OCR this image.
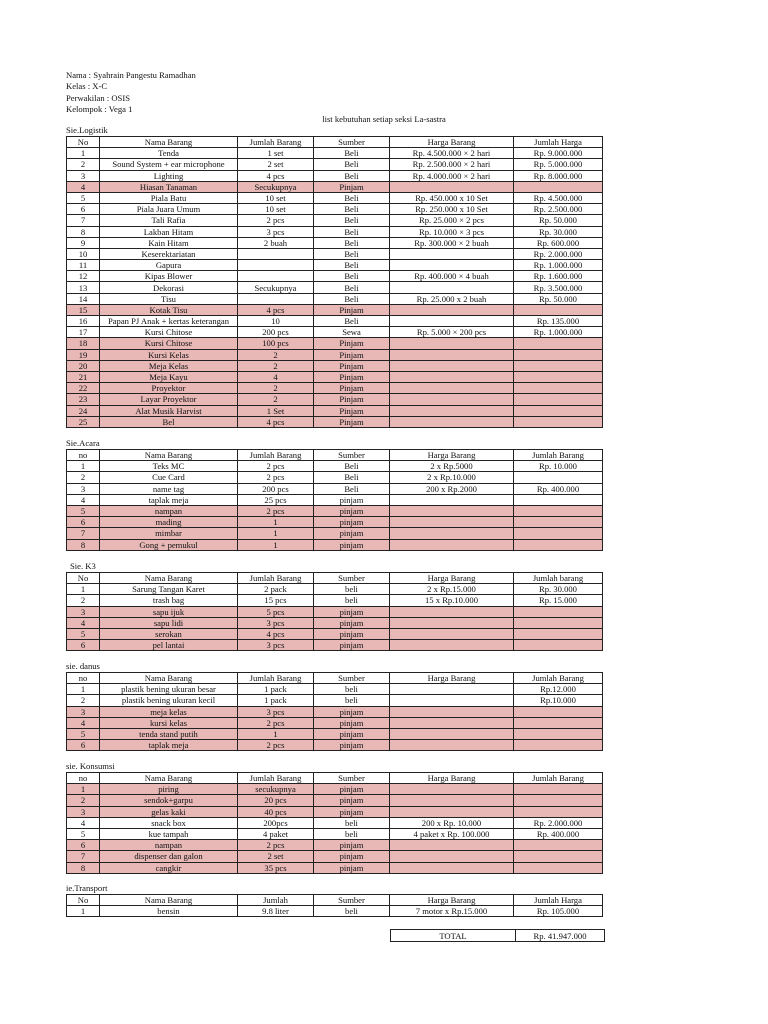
Nama : Syahrain Pangestu Ramadhan
Kelas : X-C
Perwakilan : OSIS
Kelompok : Vega 1
list kebutuhan setiap seksi La-sastra
Sie.Logistik
No	Nama Barang	Jumlah Barang	Sumber	Harga Barang	Jumlah Harga
1	Tenda	1 set	Beli	Rp. 4.500.000 × 2 hari	Rp. 9.000.000
2	Sound System + ear microphone	2 set	Beli	Rp. 2.500.000 × 2 hari	Rp. 5.000.000
3	Lighting	4 pcs	Beli	Rp. 4.000.000 × 2 hari	Rp. 8.000.000
4	Hiasan Tanaman	Secukupnya	Pinjam		
5	Piala Batu	10 set	Beli	Rp. 450.000 x 10 Set	Rp. 4.500.000
6	Piala Juara Umum	10 set	Beli	Rp. 250.000 x 10 Set	Rp. 2.500.000
7	Tali Rafia	2 pcs	Beli	Rp. 25.000 × 2 pcs	Rp. 50.000
8	Lakban Hitam	3 pcs	Beli	Rp. 10.000 × 3 pcs	Rp. 30.000
9	Kain Hitam	2 buah	Beli	Rp. 300.000 × 2 buah	Rp. 600.000
10	Keserektariatan		Beli		Rp. 2.000.000
11	Gapura		Beli		Rp. 1.000.000
12	Kipas Blower		Beli	Rp. 400.000 × 4 buah	Rp. 1.600.000
13	Dekorasi	Secukupnya	Beli		Rp. 3.500.000
14	Tisu		Beli	Rp. 25.000 x 2 buah	Rp. 50.000
15	Kotak Tisu	4 pcs	Pinjam		
16	Papan PJ Anak + kertas keterangan	10	Beli		Rp. 135.000
17	Kursi Chitose	200 pcs	Sewa	Rp. 5.000 × 200 pcs	Rp. 1.000.000
18	Kursi Chitose	100 pcs	Pinjam		
19	Kursi Kelas	2	Pinjam		
20	Meja Kelas	2	Pinjam		
21	Meja Kayu	4	Pinjam		
22	Proyektor	2	Pinjam		
23	Layar Proyektor	2	Pinjam		
24	Alat Musik Harvist	1 Set	Pinjam		
25	Bel	4 pcs	Pinjam		
Sie.Acara
no	Nama Barang	Jumlah Barang	Sumber	Harga Barang	Jumlah Barang
1	Teks MC	2 pcs	Beli	2 x Rp.5000	Rp. 10.000
2	Cue Card	2 pcs	Beli	2 x Rp.10.000	
3	name tag	200 pcs	Beli	200 x Rp.2000	Rp. 400.000
4	taplak meja	25 pcs	pinjam		
5	nampan	2 pcs	pinjam		
6	mading	1	pinjam		
7	mimbar	1	pinjam		
8	Gong + pemukul	1	pinjam		
Sie. K3
No	Nama Barang	Jumlah Barang	Sumber	Harga Barang	Jumlah barang
1	Sarung Tangan Karet	2 pack	beli	2 x Rp.15.000	Rp. 30.000
2	trash bag	15 pcs	beli	15 x Rp.10.000	Rp. 15.000
3	sapu ijuk	5 pcs	pinjam		
4	sapu lidi	3 pcs	pinjam		
5	serokan	4 pcs	pinjam		
6	pel lantai	3 pcs	pinjam		
sie. danus
no	Nama Barang	Jumlah Barang	Sumber	Harga Barang	Jumlah Barang
1	plastik bening ukuran besar	1 pack	beli		Rp.12.000
2	plastik bening ukuran kecil	1 pack	beli		Rp.10.000
3	meja kelas	3 pcs	pinjam		
4	kursi kelas	2 pcs	pinjam		
5	tenda stand putih	1	pinjam		
6	taplak meja	2 pcs	pinjam		
sie. Konsumsi
no	Nama Barang	Jumlah Barang	Sumber	Harga Barang	Jumlah Barang
1	piring	secukupnya	pinjam		
2	sendok+garpu	20 pcs	pinjam		
3	gelas kaki	40 pcs	pinjam		
4	snack box	200pcs	beli	200 x Rp. 10.000	Rp. 2.000.000
5	kue tampah	4 paket	beli	4 paket x Rp. 100.000	Rp. 400.000
6	nampan	2 pcs	pinjam		
7	dispenser dan galon	2 set	pinjam		
8	cangkir	35 pcs	pinjam		
ie.Transport
No	Nama Barang	Jumlah	Sumber	Harga Barang	Jumlah Harga
1	bensin	9.8 liter	beli	7 motor x Rp.15.000	Rp. 105.000
TOTAL	Rp. 41.947.000
